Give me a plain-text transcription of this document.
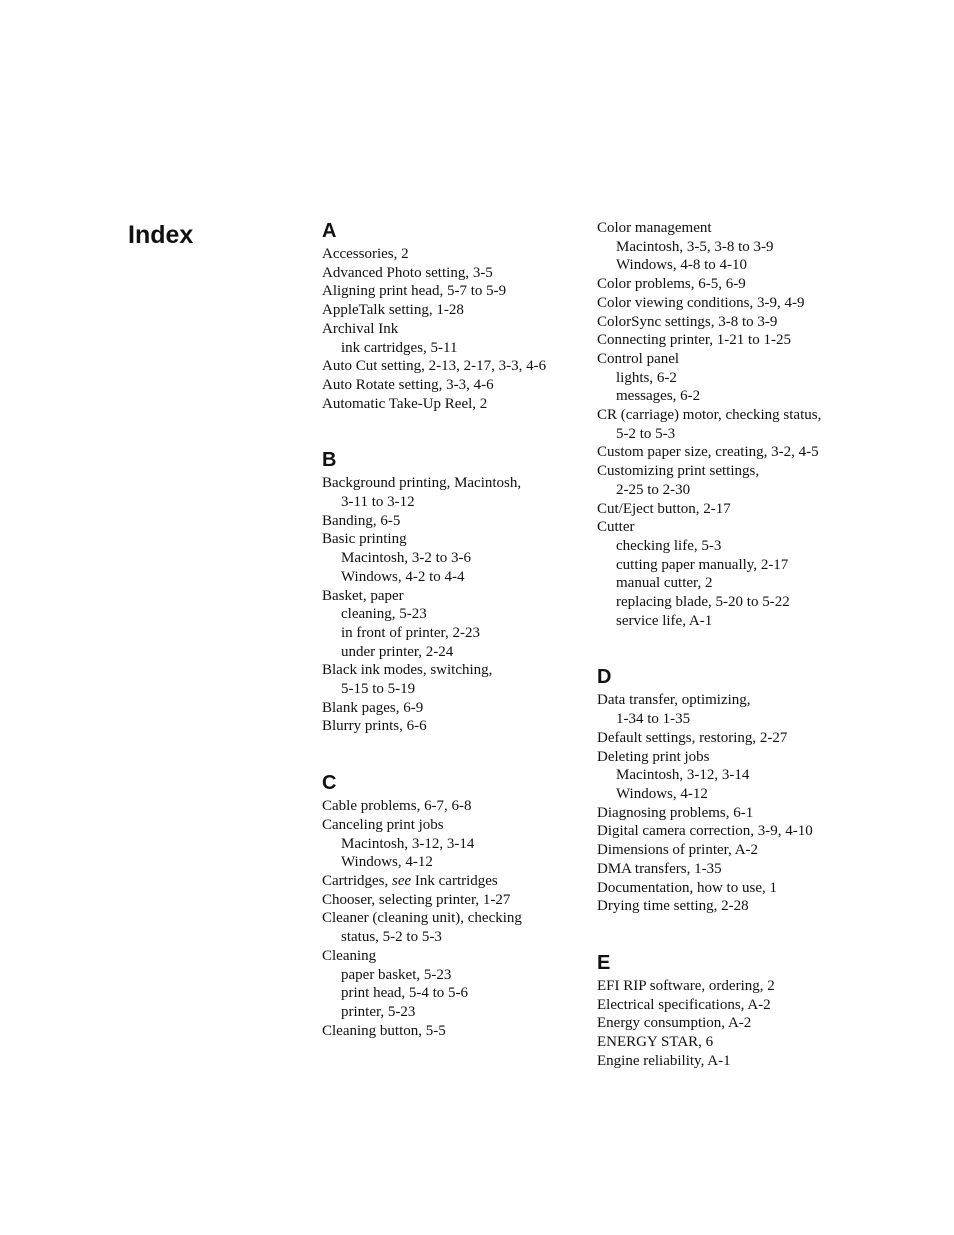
Index	A
Accessories, 2
Advanced Photo setting, 3-5
Aligning print head, 5-7 to 5-9
AppleTalk setting, 1-28
Archival Ink
ink cartridges, 5-11
Auto Cut setting, 2-13, 2-17, 3-3, 4-6
Auto Rotate setting, 3-3, 4-6
Automatic Take-Up Reel, 2
B
Background printing, Macintosh,
3-11 to 3-12
Banding, 6-5
Basic printing
Macintosh, 3-2 to 3-6
Windows, 4-2 to 4-4
Basket, paper
cleaning, 5-23
in front of printer, 2-23
under printer, 2-24
Black ink modes, switching,
5-15 to 5-19
Blank pages, 6-9
Blurry prints, 6-6
C
Cable problems, 6-7, 6-8
Canceling print jobs
Macintosh, 3-12, 3-14
Windows, 4-12
Cartridges, see Ink cartridges
Chooser, selecting printer, 1-27
Cleaner (cleaning unit), checking
status, 5-2 to 5-3
Cleaning
paper basket, 5-23
print head, 5-4 to 5-6
printer, 5-23
Cleaning button, 5-5
Color management
Macintosh, 3-5, 3-8 to 3-9
Windows, 4-8 to 4-10
Color problems, 6-5, 6-9
Color viewing conditions, 3-9, 4-9
ColorSync settings, 3-8 to 3-9
Connecting printer, 1-21 to 1-25
Control panel
lights, 6-2
messages, 6-2
CR (carriage) motor, checking status,
5-2 to 5-3
Custom paper size, creating, 3-2, 4-5
Customizing print settings,
2-25 to 2-30
Cut/Eject button, 2-17
Cutter
checking life, 5-3
cutting paper manually, 2-17
manual cutter, 2
replacing blade, 5-20 to 5-22
service life, A-1
D
Data transfer, optimizing,
1-34 to 1-35
Default settings, restoring, 2-27
Deleting print jobs
Macintosh, 3-12, 3-14
Windows, 4-12
Diagnosing problems, 6-1
Digital camera correction, 3-9, 4-10
Dimensions of printer, A-2
DMA transfers, 1-35
Documentation, how to use, 1
Drying time setting, 2-28
E
EFI RIP software, ordering, 2
Electrical specifications, A-2
Energy consumption, A-2
ENERGY STAR, 6
Engine reliability, A-1
